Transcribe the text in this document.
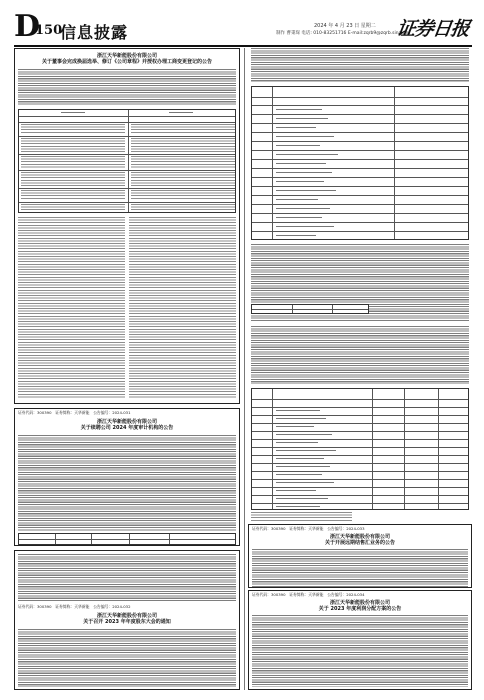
D
150
信息披露	2024 年 4 月 23 日 星期二
制作 曹秉琛 电话: 010-83251716 E-mail:zqrb9@zqrb.sina.net
证券日报
浙江天华新能股份有限公司
关于董事会完成换届选举、修订《公司章程》并授权办理工商变更登记的公告
证券代码：300390　证券简称：天华新能　公告编号：2024-031
浙江天华新能股份有限公司
关于续聘公司 2024 年度审计机构的公告
证券代码：300390　证券简称：天华新能　公告编号：2024-032
浙江天华新能股份有限公司
关于召开 2023 年年度股东大会的通知
证券代码：300390　证券简称：天华新能　公告编号：2024-033
浙江天华新能股份有限公司
关于开展远期结售汇业务的公告
证券代码：300390　证券简称：天华新能　公告编号：2024-034
浙江天华新能股份有限公司
关于 2023 年度利润分配方案的公告
